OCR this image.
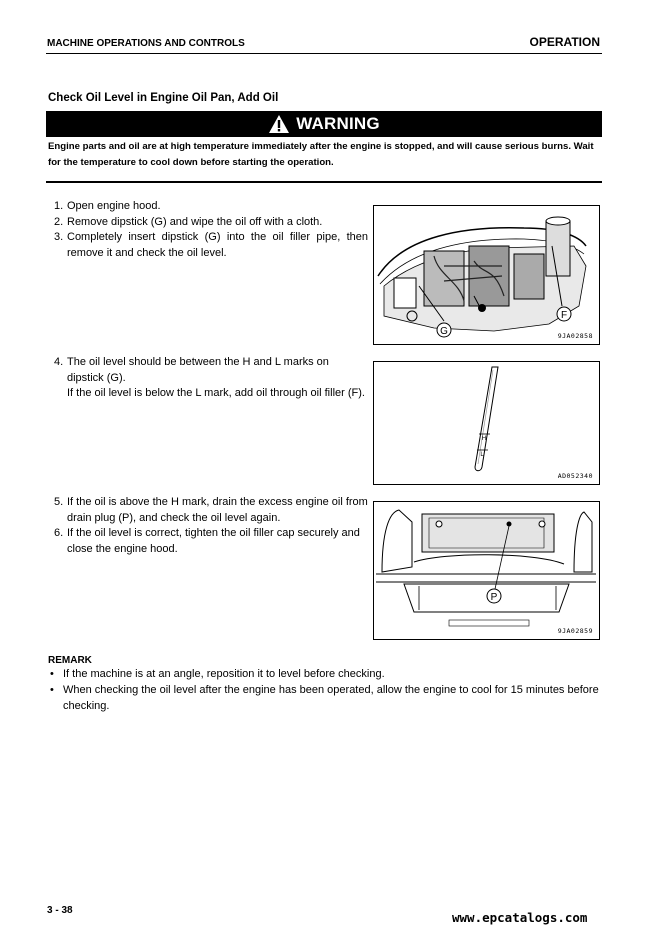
MACHINE OPERATIONS AND CONTROLS	OPERATION
Check Oil Level in Engine Oil Pan, Add Oil
WARNING
Engine parts and oil are at high temperature immediately after the engine is stopped, and will cause serious burns. Wait for the temperature to cool down before starting the operation.
1. Open engine hood.
2. Remove dipstick (G) and wipe the oil off with a cloth.
3. Completely insert dipstick (G) into the oil filler pipe, then remove it and check the oil level.
G
F
9JA02858
4. The oil level should be between the H and L marks on dipstick (G).
If the oil level is below the L mark, add oil through oil filler (F).
H
L
AD052340
5. If the oil is above the H mark, drain the excess engine oil from drain plug (P), and check the oil level again.
6. If the oil level is correct, tighten the oil filler cap securely and close the engine hood.
P
9JA02859
REMARK
• If the machine is at an angle, reposition it to level before checking.
• When checking the oil level after the engine has been operated, allow the engine to cool for 15 minutes before checking.
3 - 38	www.epcatalogs.com
